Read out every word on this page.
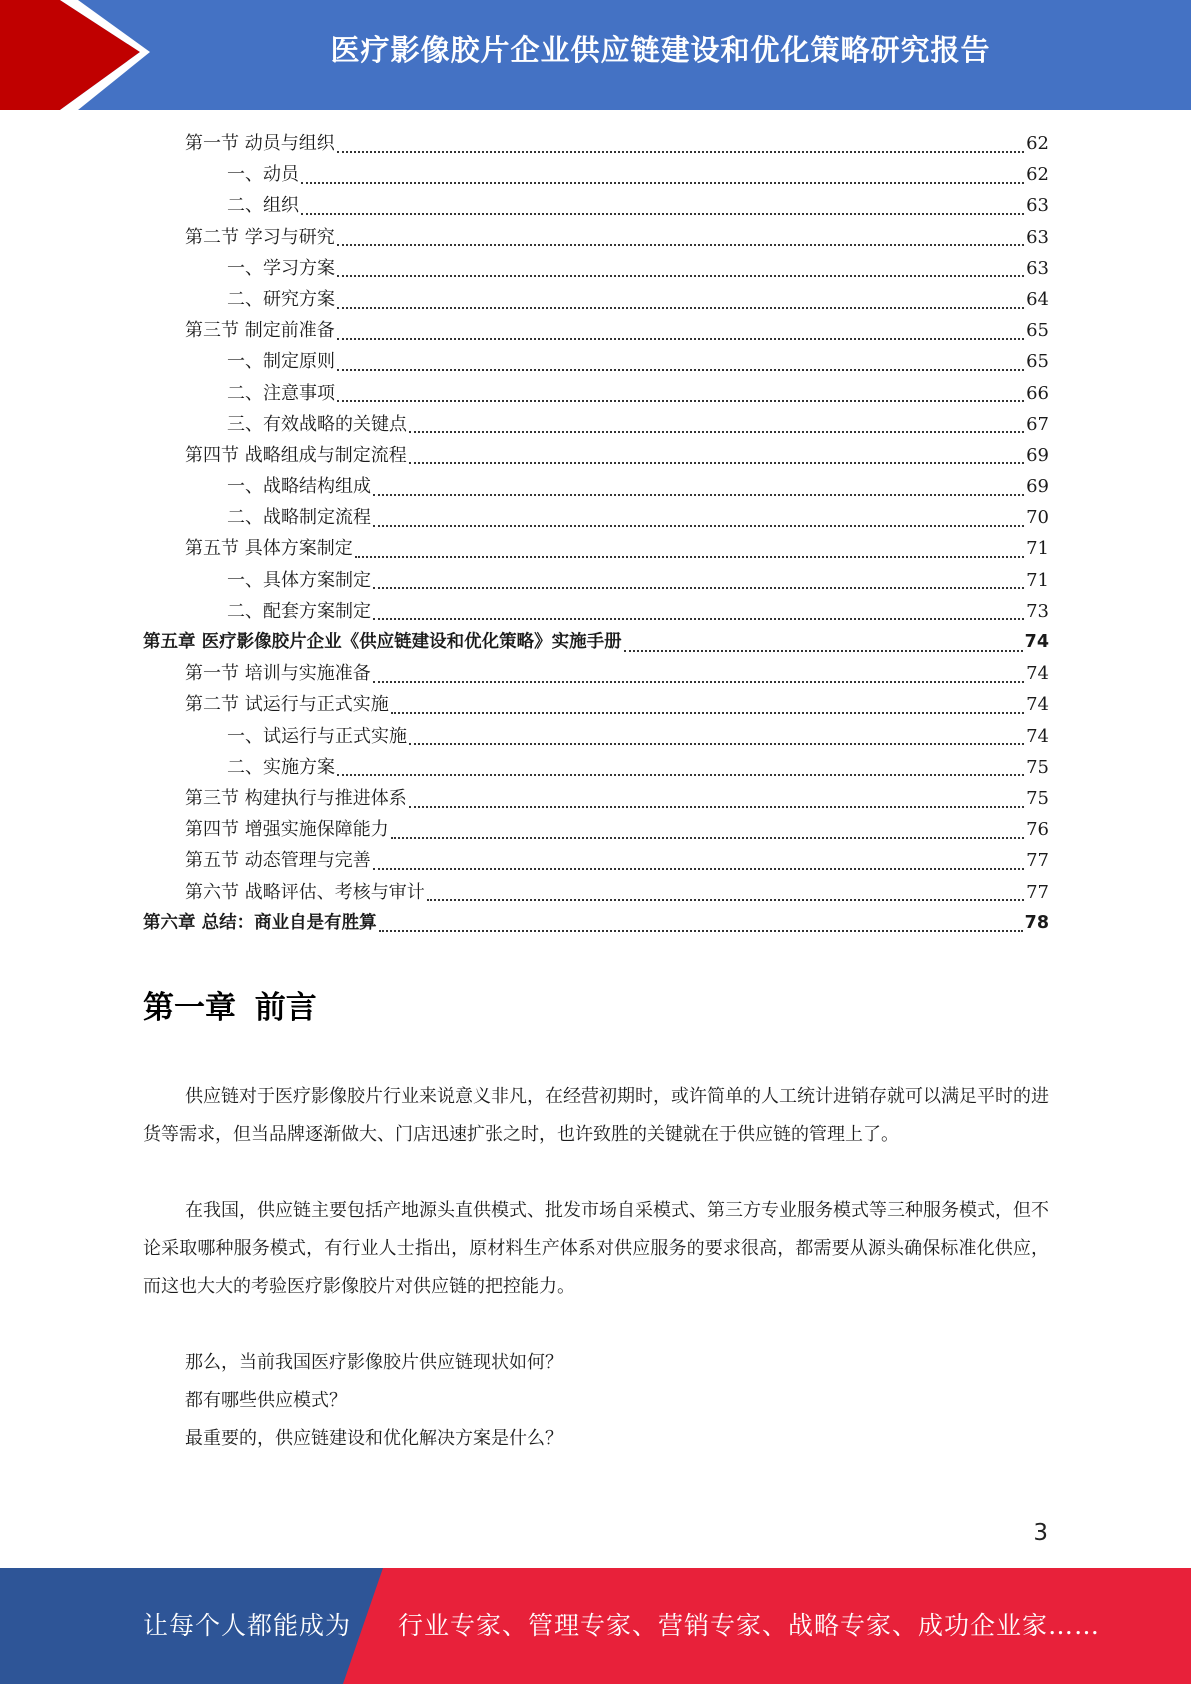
医疗影像胶片企业供应链建设和优化策略研究报告
第一节 动员与组织	62
一、动员	62
二、组织	63
第二节 学习与研究	63
一、学习方案	63
二、研究方案	64
第三节 制定前准备	65
一、制定原则	65
二、注意事项	66
三、有效战略的关键点	67
第四节 战略组成与制定流程	69
一、战略结构组成	69
二、战略制定流程	70
第五节 具体方案制定	71
一、具体方案制定	71
二、配套方案制定	73
第五章 医疗影像胶片企业《供应链建设和优化策略》实施手册	74
第一节 培训与实施准备	74
第二节 试运行与正式实施	74
一、试运行与正式实施	74
二、实施方案	75
第三节 构建执行与推进体系	75
第四节 增强实施保障能力	76
第五节 动态管理与完善	77
第六节 战略评估、考核与审计	77
第六章 总结：商业自是有胜算	78
第一章 前言

供应链对于医疗影像胶片行业来说意义非凡，在经营初期时，或许简单的人工统计进销存就可以满足平时的进货等需求，但当品牌逐渐做大、门店迅速扩张之时，也许致胜的关键就在于供应链的管理上了。

在我国，供应链主要包括产地源头直供模式、批发市场自采模式、第三方专业服务模式等三种服务模式，但不论采取哪种服务模式，有行业人士指出，原材料生产体系对供应服务的要求很高，都需要从源头确保标准化供应，而这也大大的考验医疗影像胶片对供应链的把控能力。

那么，当前我国医疗影像胶片供应链现状如何？

都有哪些供应模式？

最重要的，供应链建设和优化解决方案是什么？

3
让每个人都能成为 行业专家、管理专家、营销专家、战略专家、成功企业家……
